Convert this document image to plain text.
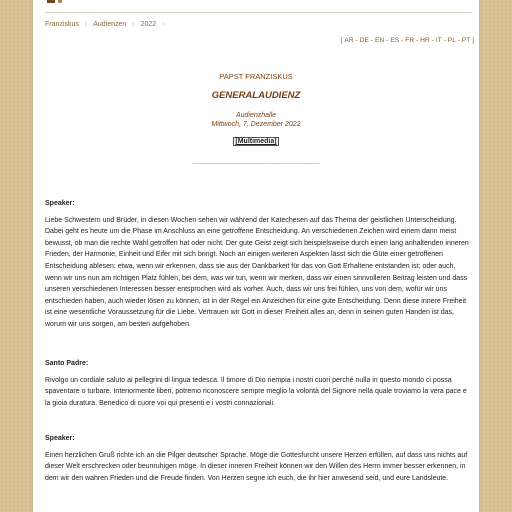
Franziskus › Audienzen › 2022 ›
[ AR - DE - EN - ES - FR - HR - IT - PL - PT ]
PAPST FRANZISKUS
GENERALAUDIENZ
Audienzhalle
Mittwoch, 7. Dezember 2022
[Multimedia]
______________________________________

Speaker:

Liebe Schwestern und Brüder, in diesen Wochen sehen wir während der Katechesen auf das Thema der geistlichen Unterscheidung. Dabei geht es heute um die Phase im Anschluss an eine getroffene Entscheidung. An verschiedenen Zeichen wird einem dann meist bewusst, ob man die rechte Wahl getroffen hat oder nicht. Der gute Geist zeigt sich beispielsweise durch einen lang anhaltenden inneren Frieden, der Harmonie, Einheit und Eifer mit sich bringt. Noch an einigen weiteren Aspekten lässt sich die Güte einer getroffenen Entscheidung ablesen: etwa, wenn wir erkennen, dass sie aus der Dankbarkeit für das von Gott Erhaltene entstanden ist; oder auch, wenn wir uns nun am richtigen Platz fühlen, bei dem, was wir tun, wenn wir merken, dass wir einen sinnvolleren Beitrag leisten und dass unseren verschiedenen Interessen besser entsprochen wird als vorher. Auch, dass wir uns frei fühlen, uns von dem, wofür wir uns entschieden haben, auch wieder lösen zu können, ist in der Regel ein Anzeichen für eine gute Entscheidung. Denn diese innere Freiheit ist eine wesentliche Voraussetzung für die Liebe. Vertrauen wir Gott in dieser Freiheit alles an, denn in seinen guten Handen ist das, worum wir uns sorgen, am besten aufgehoben.

Santo Padre:

Rivolgo un cordiale saluto ai pellegrini di lingua tedesca. Il timore di Dio riempia i nostri cuori perché nulla in questo mondo ci possa spaventare o turbare. Interiormente liberi, potremo riconoscere sempre meglio la volontà del Signore nella quale troviamo la vera pace e la gioia duratura. Benedico di cuore voi qui presenti e i vostri connazionali.

Speaker:

Einen herzlichen Gruß richte ich an die Pilger deutscher Sprache. Möge die Gottesfurcht unsere Herzen erfüllen, auf dass uns nichts auf dieser Welt erschrecken oder beunruhigen möge. In dieser inneren Freiheit können wir den Willen des Herrn immer besser erkennen, in dem wir den wahren Frieden und die Freude finden. Von Herzen segne ich euch, die ihr hier anwesend seid, und eure Landsleute.
